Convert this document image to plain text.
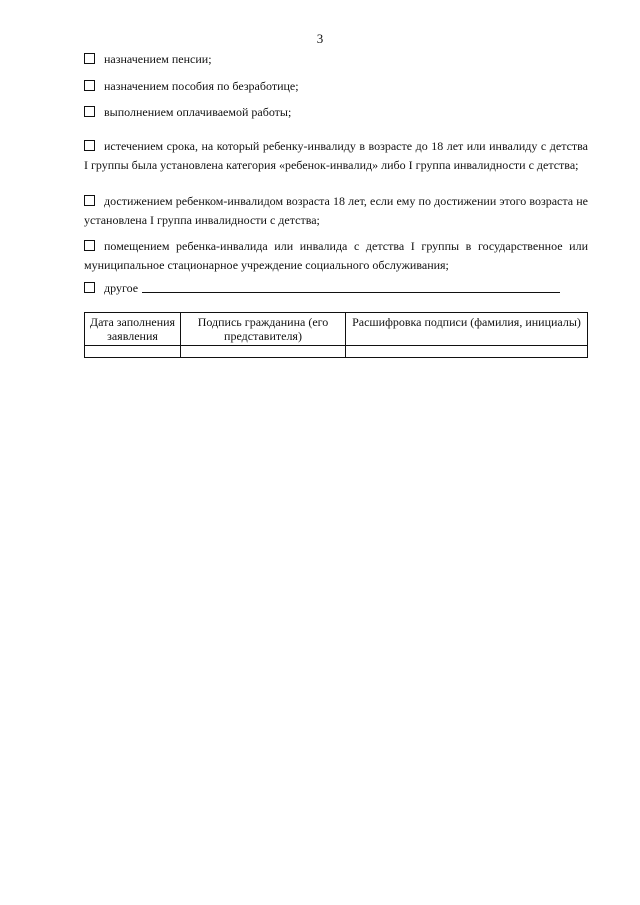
3
назначением пенсии;
назначением пособия по безработице;
выполнением оплачиваемой работы;
истечением срока, на который ребенку-инвалиду в возрасте до 18 лет или инвалиду с детства I группы была установлена категория «ребенок-инвалид» либо I группа инвалидности с детства;
достижением ребенком-инвалидом возраста 18 лет, если ему по достижении этого возраста не установлена I группа инвалидности с детства;
помещением ребенка-инвалида или инвалида с детства I группы в государственное или муниципальное стационарное учреждение социального обслуживания;
другое
Дата заполнения заявления	Подпись гражданина (его представителя)	Расшифровка подписи (фамилия, инициалы)
